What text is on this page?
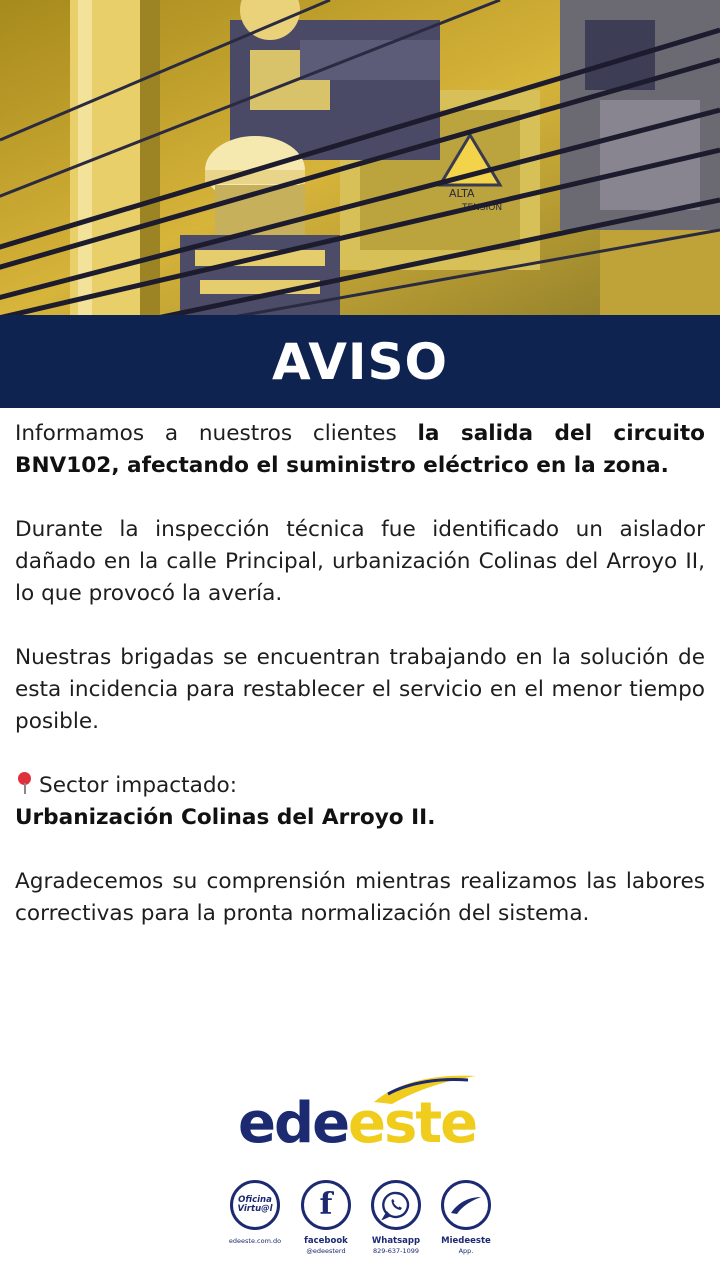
ALTA
TENSION
AVISO

Informamos a nuestros clientes la salida del circuito BNV102, afectando el suministro eléctrico en la zona.

Durante la inspección técnica fue identificado un aislador dañado en la calle Principal, urbanización Colinas del Arroyo II, lo que provocó la avería.

Nuestras brigadas se encuentran trabajando en la solución de esta incidencia para restablecer el servicio en el menor tiempo posible.

Sector impactado:

Urbanización Colinas del Arroyo II.

Agradecemos su comprensión mientras realizamos las labores correctivas para la pronta normalización del sistema.

edeeste
Oficina Virtu@l
edeeste.com.do
f
facebook
@edeesterd
Whatsapp
829-637-1099
Miedeeste
App.
